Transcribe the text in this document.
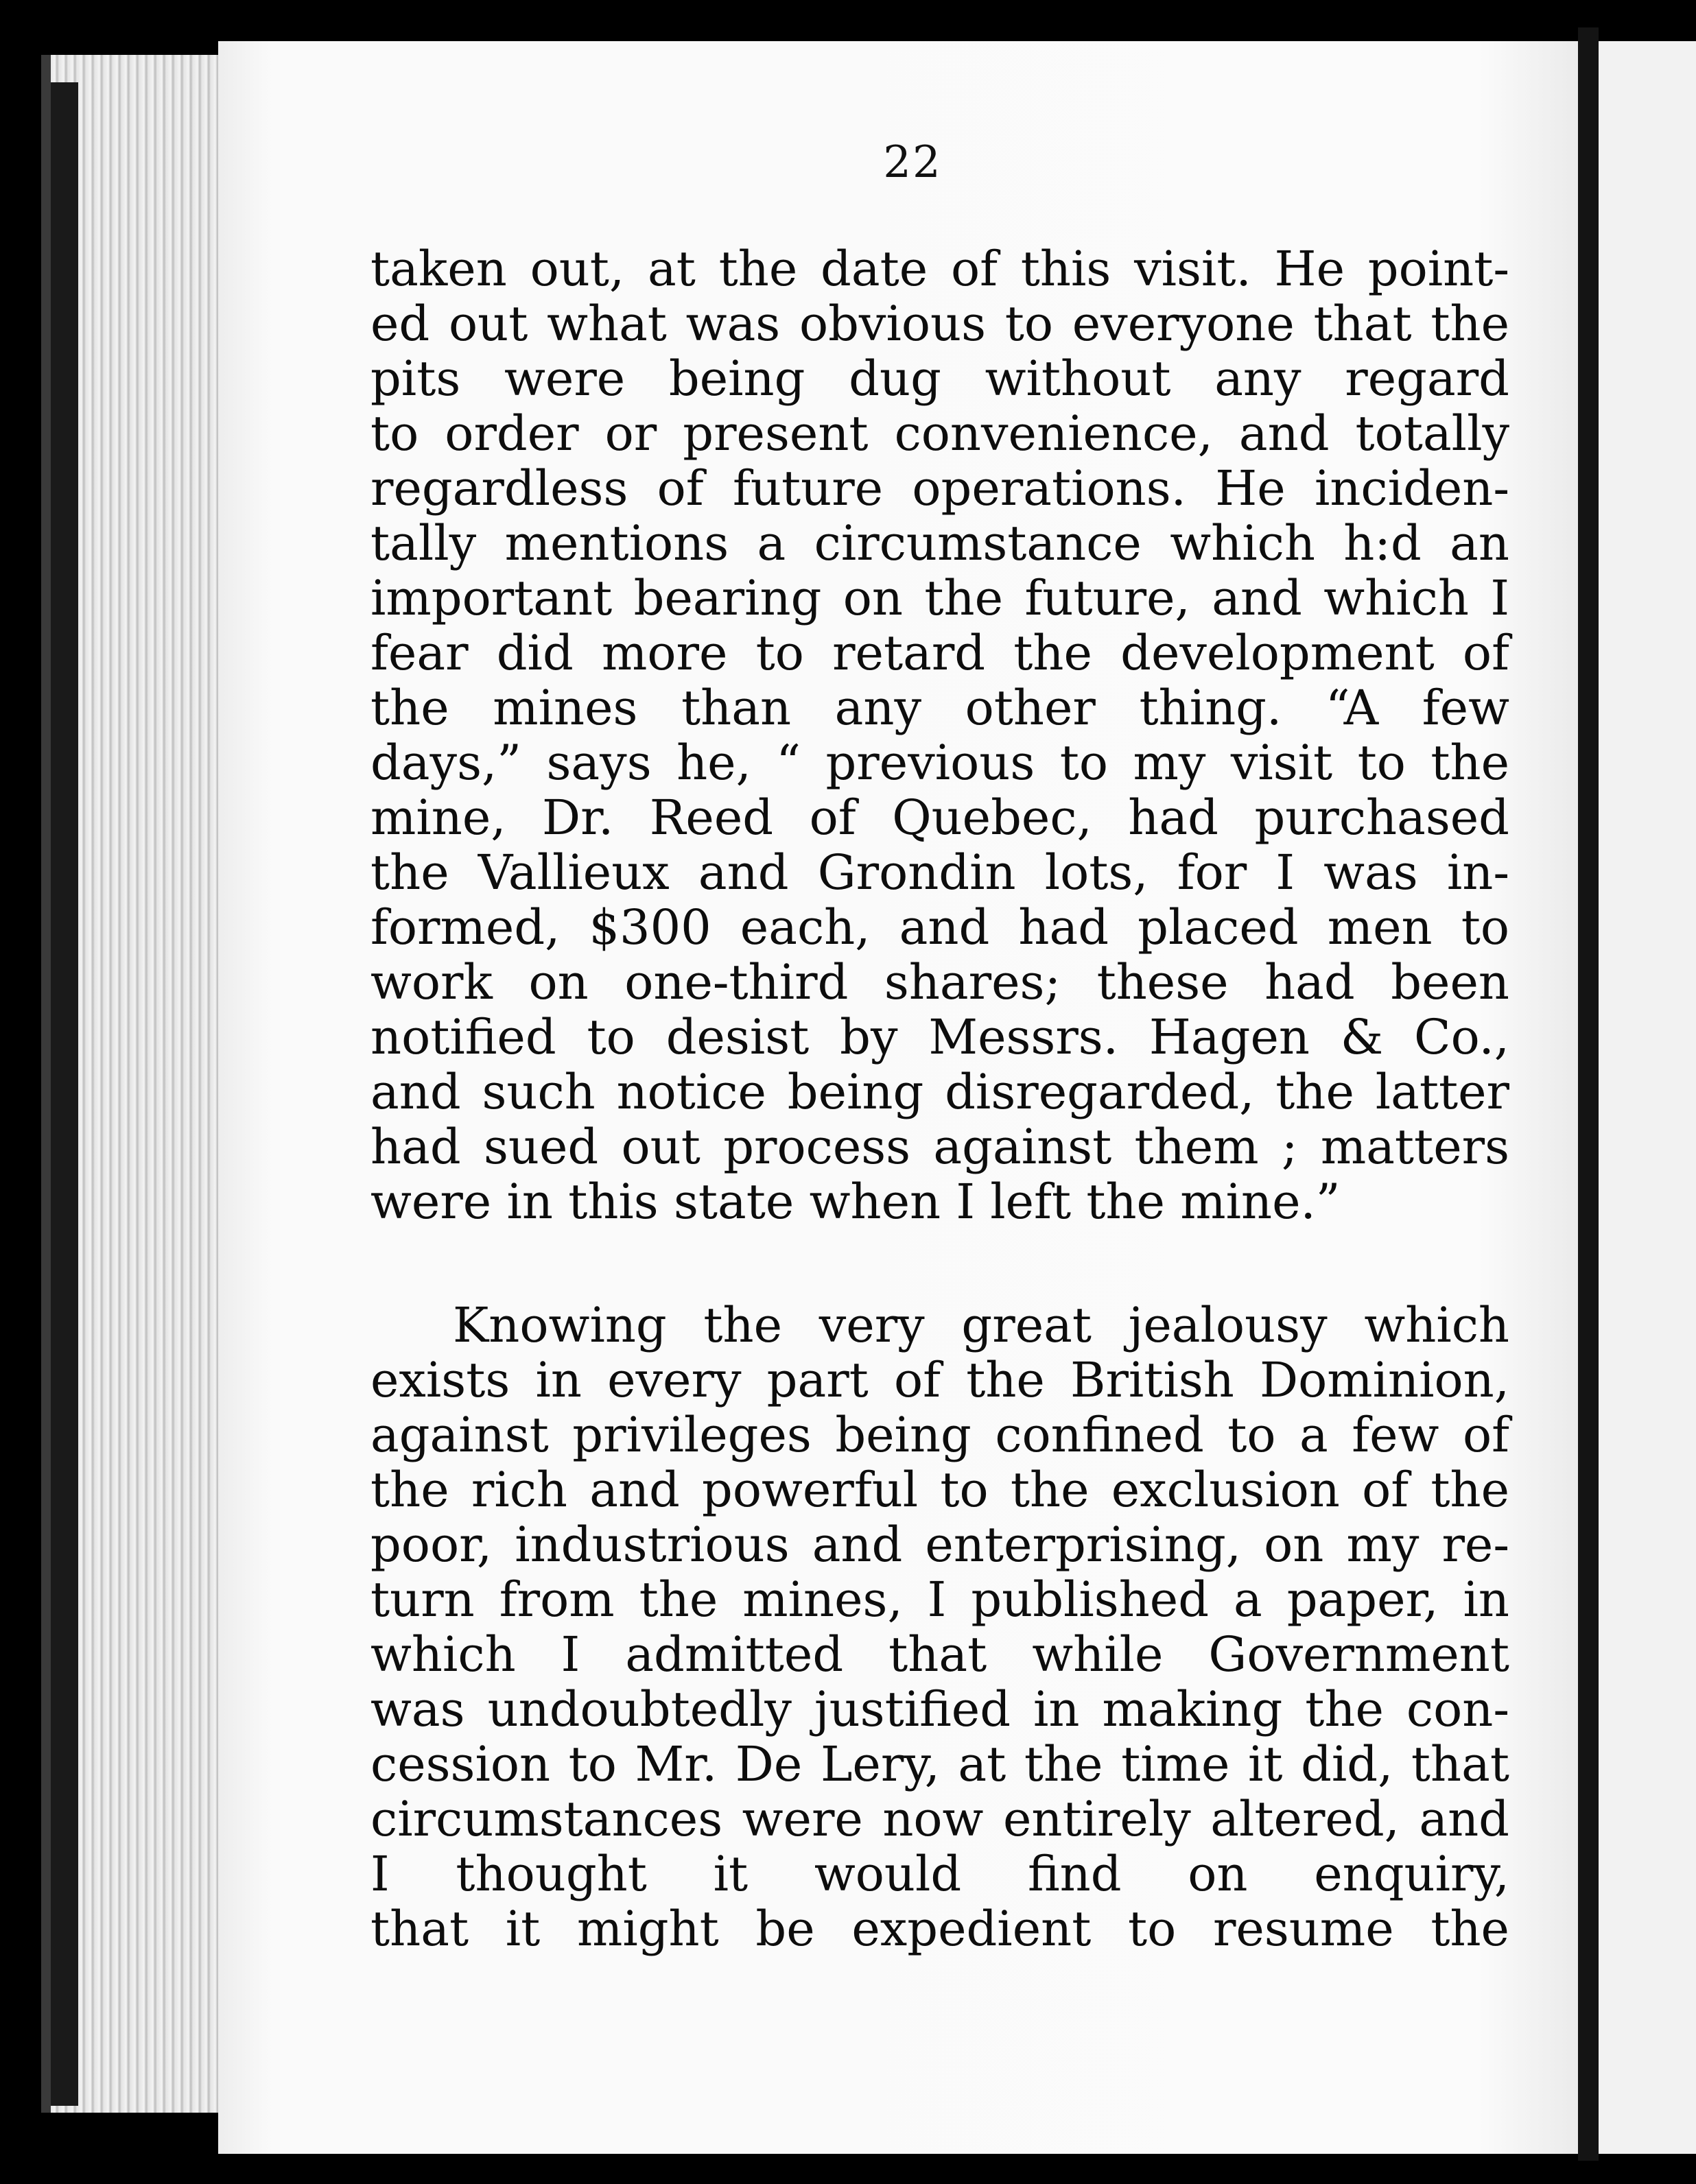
22
taken out, at the date of this visit. He point-
ed out what was obvious to everyone that the
pits were being dug without any regard
to order or present convenience, and totally
regardless of future operations. He inciden-
tally mentions a circumstance which h:d an
important bearing on the future, and which I
fear did more to retard the development of
the mines than any other thing. “A few
days,” says he, “ previous to my visit to the
mine, Dr. Reed of Quebec, had purchased
the Vallieux and Grondin lots, for I was in-
formed, $300 each, and had placed men to
work on one-third shares; these had been
notified to desist by Messrs. Hagen & Co.,
and such notice being disregarded, the latter
had sued out process against them ; matters
were in this state when I left the mine.”
Knowing the very great jealousy which
exists in every part of the British Dominion,
against privileges being confined to a few of
the rich and powerful to the exclusion of the
poor, industrious and enterprising, on my re-
turn from the mines, I published a paper, in
which I admitted that while Government
was undoubtedly justified in making the con-
cession to Mr. De Lery, at the time it did, that
circumstances were now entirely altered, and
I thought it would find on enquiry,
that it might be expedient to resume the
